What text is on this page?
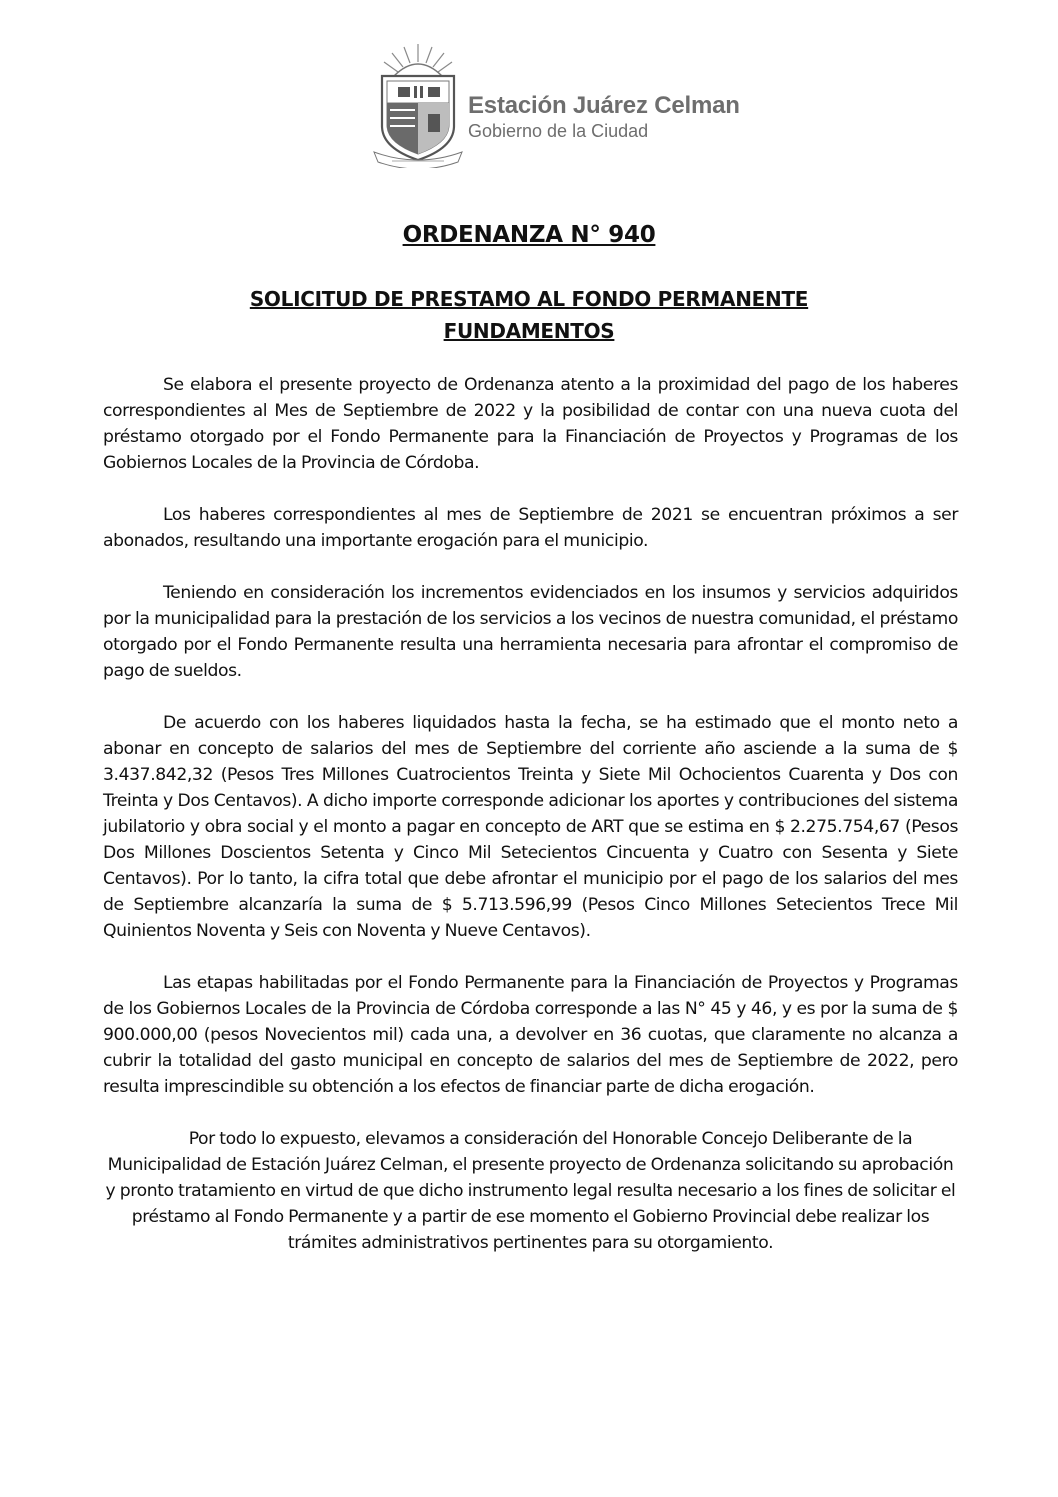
Estación Juárez Celman
Gobierno de la Ciudad
ORDENANZA N° 940
SOLICITUD DE PRESTAMO AL FONDO PERMANENTE
FUNDAMENTOS

Se elabora el presente proyecto de Ordenanza atento a la proximidad del pago de los haberes correspondientes al Mes de Septiembre de 2022 y la posibilidad de contar con una nueva cuota del préstamo otorgado por el Fondo Permanente para la Financiación de Proyectos y Programas de los Gobiernos Locales de la Provincia de Córdoba.

Los haberes correspondientes al mes de Septiembre de 2021 se encuentran próximos a ser abonados, resultando una importante erogación para el municipio.

Teniendo en consideración los incrementos evidenciados en los insumos y servicios adquiridos por la municipalidad para la prestación de los servicios a los vecinos de nuestra comunidad, el préstamo otorgado por el Fondo Permanente resulta una herramienta necesaria para afrontar el compromiso de pago de sueldos.

De acuerdo con los haberes liquidados hasta la fecha, se ha estimado que el monto neto a abonar en concepto de salarios del mes de Septiembre del corriente año asciende a la suma de $ 3.437.842,32 (Pesos Tres Millones Cuatrocientos Treinta y Siete Mil Ochocientos Cuarenta y Dos con Treinta y Dos Centavos). A dicho importe corresponde adicionar los aportes y contribuciones del sistema jubilatorio y obra social y el monto a pagar en concepto de ART que se estima en $ 2.275.754,67 (Pesos Dos Millones Doscientos Setenta y Cinco Mil Setecientos Cincuenta y Cuatro con Sesenta y Siete Centavos). Por lo tanto, la cifra total que debe afrontar el municipio por el pago de los salarios del mes de Septiembre alcanzaría la suma de $ 5.713.596,99 (Pesos Cinco Millones Setecientos Trece Mil Quinientos Noventa y Seis con Noventa y Nueve Centavos).

Las etapas habilitadas por el Fondo Permanente para la Financiación de Proyectos y Programas de los Gobiernos Locales de la Provincia de Córdoba corresponde a las N° 45 y 46, y es por la suma de $ 900.000,00 (pesos Novecientos mil) cada una, a devolver en 36 cuotas, que claramente no alcanza a cubrir la totalidad del gasto municipal en concepto de salarios del mes de Septiembre de 2022, pero resulta imprescindible su obtención a los efectos de financiar parte de dicha erogación.

Por todo lo expuesto, elevamos a consideración del Honorable Concejo Deliberante de la Municipalidad de Estación Juárez Celman, el presente proyecto de Ordenanza solicitando su aprobación y pronto tratamiento en virtud de que dicho instrumento legal resulta necesario a los fines de solicitar el préstamo al Fondo Permanente y a partir de ese momento el Gobierno Provincial debe realizar los trámites administrativos pertinentes para su otorgamiento.
